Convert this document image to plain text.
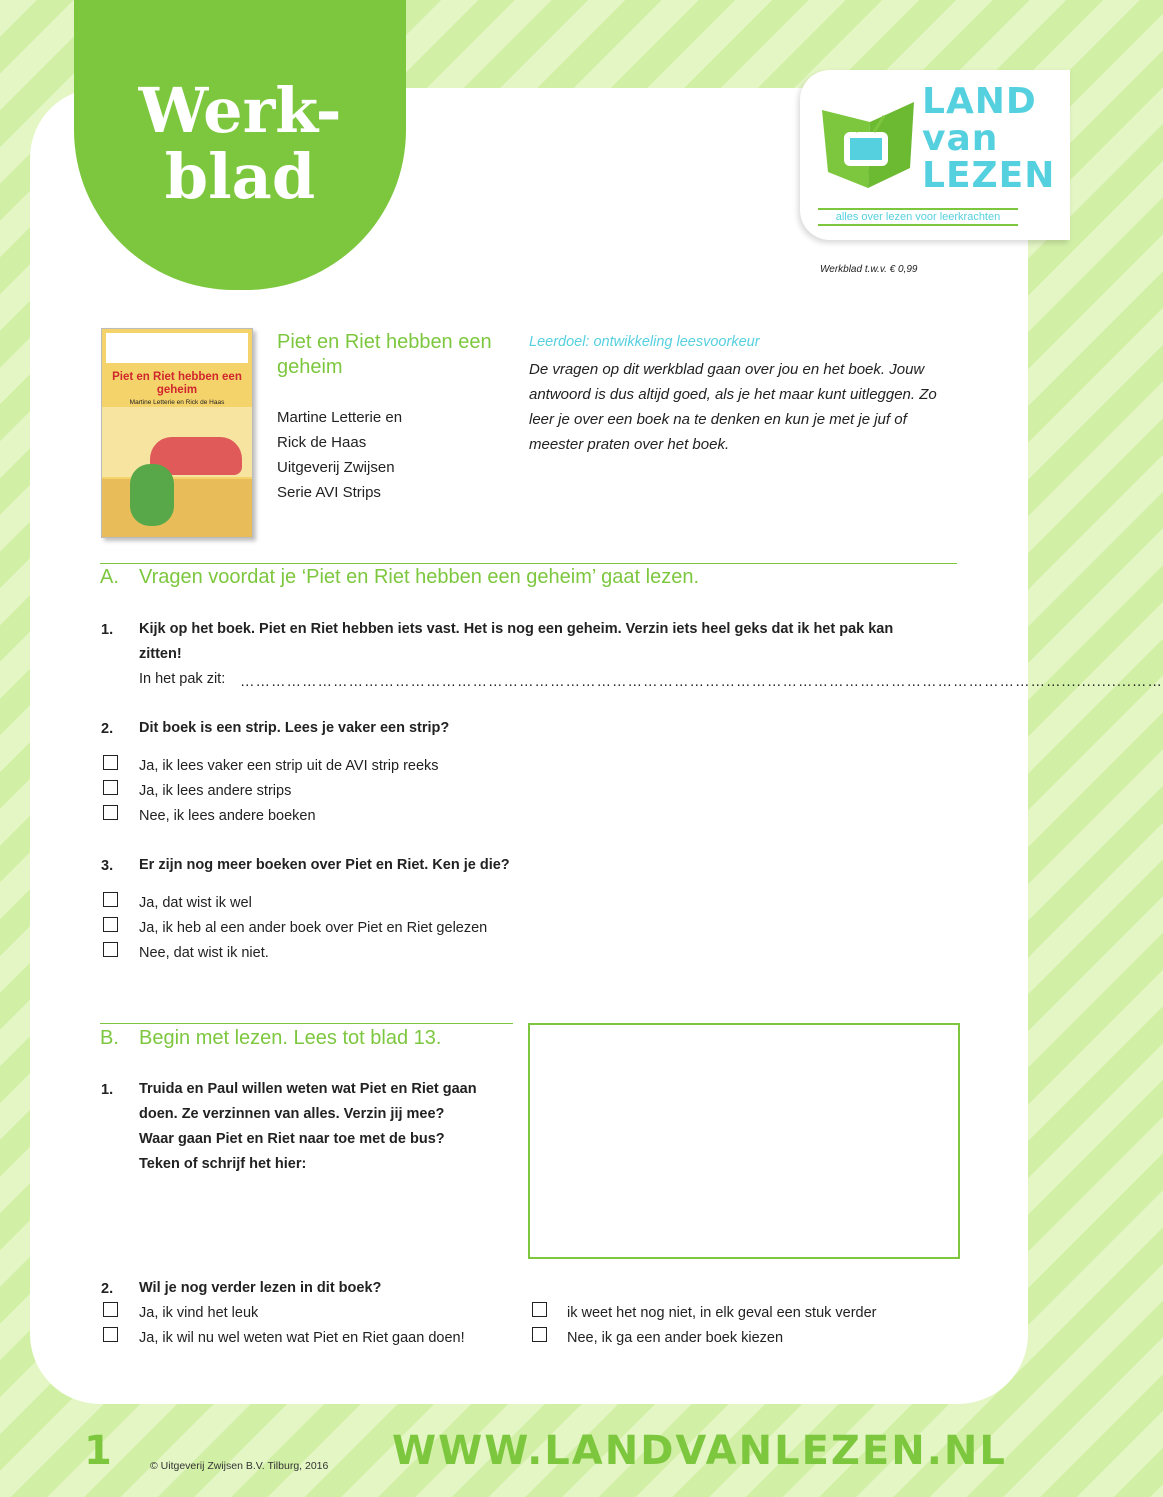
Werk-
blad
LAND
van
LEZEN
alles over lezen voor leerkrachten
Werkblad t.w.v. € 0,99
Piet en Riet hebben een geheim
Martine Letterie en Rick de Haas
Piet en Riet hebben een geheim
Martine Letterie en
Rick de Haas
Uitgeverij Zwijsen
Serie AVI Strips
Leerdoel: ontwikkeling leesvoorkeur
De vragen op dit werkblad gaan over jou en het boek. Jouw antwoord is dus altijd goed, als je het maar kunt uitleggen. Zo leer je over een boek na te denken en kun je met je juf of meester praten over het boek.
A. Vragen voordat je ‘Piet en Riet hebben een geheim’ gaat lezen.
1. Kijk op het boek. Piet en Riet hebben iets vast. Het is nog een geheim. Verzin iets heel geks dat ik het pak kan zitten!
In het pak zit: ……………………………………………………………………………………………………………………………………………..............……
2. Dit boek is een strip. Lees je vaker een strip?
Ja, ik lees vaker een strip uit de AVI strip reeks
Ja, ik lees andere strips
Nee, ik lees andere boeken
3. Er zijn nog meer boeken over Piet en Riet. Ken je die?
Ja, dat wist ik wel
Ja, ik heb al een ander boek over Piet en Riet gelezen
Nee, dat wist ik niet.
B. Begin met lezen. Lees tot blad 13.
1. Truida en Paul willen weten wat Piet en Riet gaan
doen. Ze verzinnen van alles. Verzin jij mee?
Waar gaan Piet en Riet naar toe met de bus?
Teken of schrijf het hier:
2. Wil je nog verder lezen in dit boek?
Ja, ik vind het leuk
Ja, ik wil nu wel weten wat Piet en Riet gaan doen!
ik weet het nog niet, in elk geval een stuk verder
Nee, ik ga een ander boek kiezen
1	© Uitgeverij Zwijsen B.V. Tilburg, 2016 WWW.LANDVANLEZEN.NL
